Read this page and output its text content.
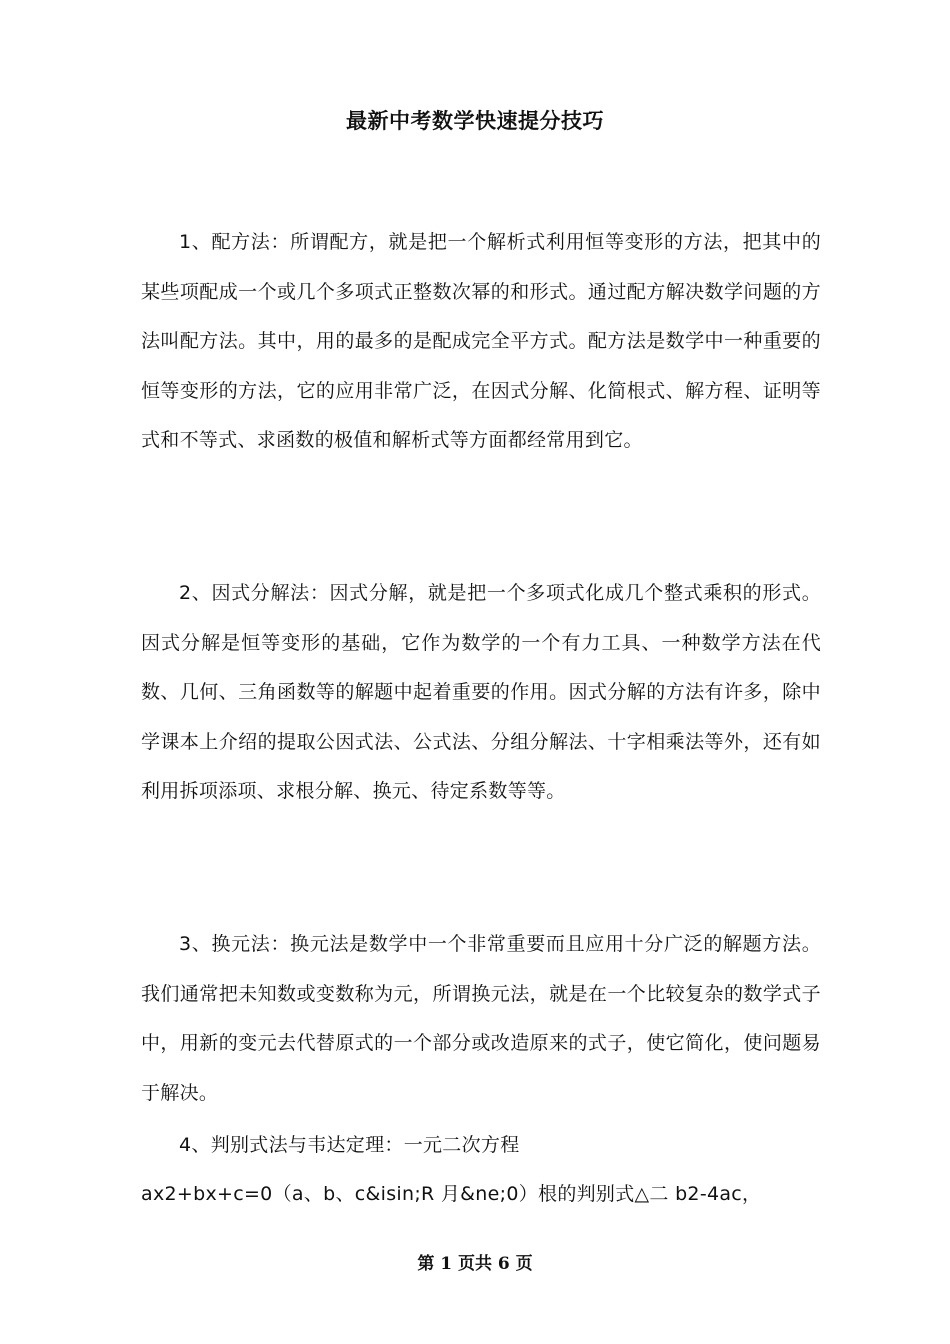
最新中考数学快速提分技巧

1、配方法：所谓配方，就是把一个解析式利用恒等变形的方法，把其中的某些项配成一个或几个多项式正整数次幂的和形式。通过配方解决数学问题的方法叫配方法。其中，用的最多的是配成完全平方式。配方法是数学中一种重要的恒等变形的方法，它的应用非常广泛，在因式分解、化简根式、解方程、证明等式和不等式、求函数的极值和解析式等方面都经常用到它。

2、因式分解法：因式分解，就是把一个多项式化成几个整式乘积的形式。因式分解是恒等变形的基础，它作为数学的一个有力工具、一种数学方法在代数、几何、三角函数等的解题中起着重要的作用。因式分解的方法有许多，除中学课本上介绍的提取公因式法、公式法、分组分解法、十字相乘法等外，还有如利用拆项添项、求根分解、换元、待定系数等等。

3、换元法：换元法是数学中一个非常重要而且应用十分广泛的解题方法。我们通常把未知数或变数称为元，所谓换元法，就是在一个比较复杂的数学式子中，用新的变元去代替原式的一个部分或改造原来的式子，使它简化，使问题易于解决。

4、判别式法与韦达定理：一元二次方程

ax2+bx+c=0（a、b、c&isin;R 月&ne;0）根的判别式△二 b2-4ac，

第 1 页共 6 页
